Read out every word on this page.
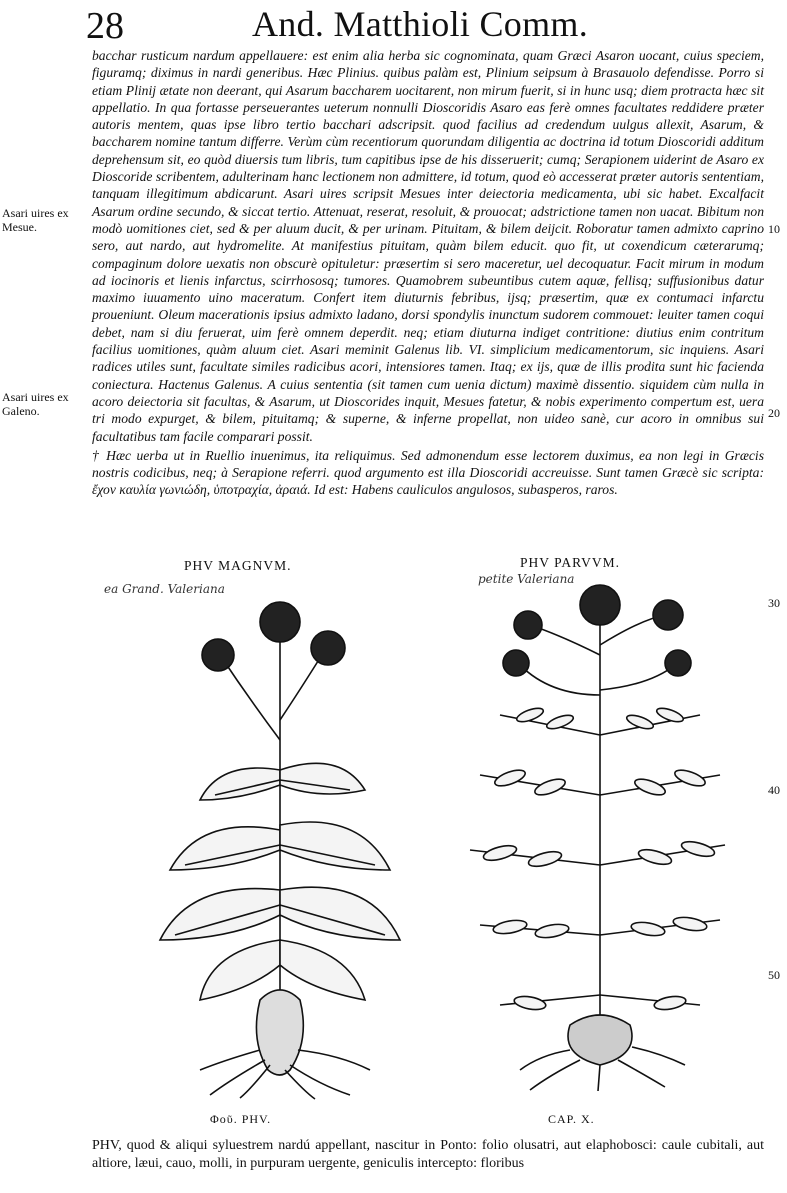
28	And. Matthioli Comm.
Asari uires ex Mesue.
Asari uires ex Galeno.
10
20
30
40
50

bacchar rusticum nardum appellauere: est enim alia herba sic cognominata, quam Græci Asaron uocant, cuius speciem, figuramq; diximus in nardi generibus. Hæc Plinius. quibus palàm est, Plinium seipsum à Brasauolo defendisse. Porro si etiam Plinij ætate non deerant, qui Asarum baccharem uocitarent, non mirum fuerit, si in hunc usq; diem protracta hæc sit appellatio. In qua fortasse perseuerantes ueterum nonnulli Dioscoridis Asaro eas ferè omnes facultates reddidere præter autoris mentem, quas ipse libro tertio bacchari adscripsit. quod facilius ad credendum uulgus allexit, Asarum, & baccharem nomine tantum differre. Verùm cùm recentiorum quorundam diligentia ac doctrina id totum Dioscoridi additum deprehensum sit, eo quòd diuersis tum libris, tum capitibus ipse de his disseruerit; cumq; Serapionem uiderint de Asaro ex Dioscoride scribentem, adulterinam hanc lectionem non admittere, id totum, quod eò accesserat præter autoris sententiam, tanquam illegitimum abdicarunt. Asari uires scripsit Mesues inter deiectoria medicamenta, ubi sic habet. Excalfacit Asarum ordine secundo, & siccat tertio. Attenuat, reserat, resoluit, & prouocat; adstrictione tamen non uacat. Bibitum non modò uomitiones ciet, sed & per aluum ducit, & per urinam. Pituitam, & bilem deijcit. Roboratur tamen admixto caprino sero, aut nardo, aut hydromelite. At manifestius pituitam, quàm bilem educit. quo fit, ut coxendicum cæterarumq; compaginum dolore uexatis non obscurè opituletur: præsertim si sero maceretur, uel decoquatur. Facit mirum in modum ad iocinoris et lienis infarctus, scirrhososq; tumores. Quamobrem subeuntibus cutem aquæ, fellisq; suffusionibus datur maximo iuuamento uino maceratum. Confert item diuturnis febribus, ijsq; præsertim, quæ ex contumaci infarctu proueniunt. Oleum macerationis ipsius admixto ladano, dorsi spondylis inunctum sudorem commouet: leuiter tamen coqui debet, nam si diu feruerat, uim ferè omnem deperdit. neq; etiam diuturna indiget contritione: diutius enim contritum facilius uomitiones, quàm aluum ciet. Asari meminit Galenus lib. VI. simplicium medicamentorum, sic inquiens. Asari radices utiles sunt, facultate similes radicibus acori, intensiores tamen. Itaq; ex ijs, quæ de illis prodita sunt hic facienda coniectura. Hactenus Galenus. A cuius sententia (sit tamen cum uenia dictum) maximè dissentio. siquidem cùm nulla in acoro deiectoria sit facultas, & Asarum, ut Dioscorides inquit, Mesues fatetur, & nobis experimento compertum est, uera tri modo expurget, & bilem, pituitamq; & superne, & inferne propellat, non uideo sanè, cur acoro in omnibus sui facultatibus tam facile comparari possit.

† Hæc uerba ut in Ruellio inuenimus, ita reliquimus. Sed admonendum esse lectorem duximus, ea non legi in Græcis nostris codicibus, neq; à Serapione referri. quod argumento est illa Dioscoridi accreuisse. Sunt tamen Græcè sic scripta: ἔχον καυλία γωνιώδη, ὑποτραχία, ἀραιά. Id est: Habens cauliculos angulosos, subasperos, raros.

PHV MAGNVM.	PHV PARVVM.
ea Grand. Valeriana
petite Valeriana
Φοῦ. PHV.	CAP. X.

PHV, quod & aliqui syluestrem nardú appellant, nascitur in Ponto: folio olusatri, aut elaphobosci: caule cubitali, aut altiore, læui, cauo, molli, in purpuram uergente, geniculis intercepto: floribus
